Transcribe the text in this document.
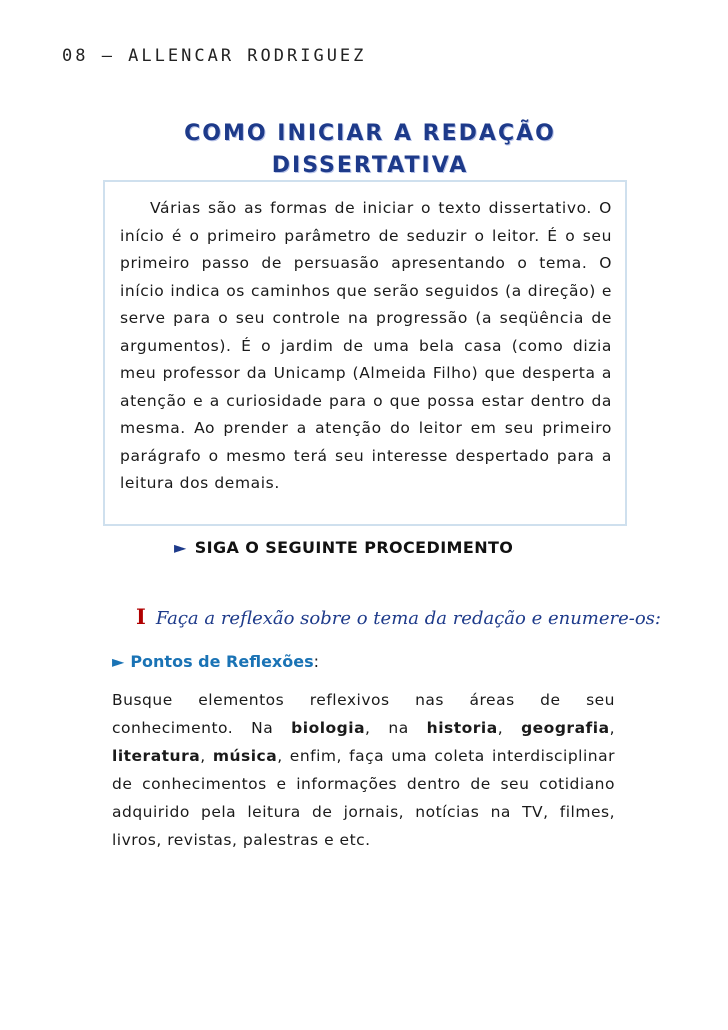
08 – ALLENCAR RODRIGUEZ
COMO INICIAR A REDAÇÃO
DISSERTATIVA

Várias são as formas de iniciar o texto dissertativo. O início é o primeiro parâmetro de seduzir o leitor. É o seu primeiro passo de persuasão apresentando o tema. O início indica os caminhos que serão seguidos (a direção) e serve para o seu controle na progressão (a seqüência de argumentos). É o jardim de uma bela casa (como dizia meu professor da Unicamp (Almeida Filho) que desperta a atenção e a curiosidade para o que possa estar dentro da mesma. Ao prender a atenção do leitor em seu primeiro parágrafo o mesmo terá seu interesse despertado para a leitura dos demais.

► SIGA O SEGUINTE PROCEDIMENTO
I Faça a reflexão sobre o tema da redação e enumere-os:
► Pontos de Reflexões:

Busque elementos reflexivos nas áreas de seu conhecimento. Na biologia, na historia, geografia, literatura, música, enfim, faça uma coleta interdisciplinar de conhecimentos e informações dentro de seu cotidiano adquirido pela leitura de jornais, notícias na TV, filmes, livros, revistas, palestras e etc.
